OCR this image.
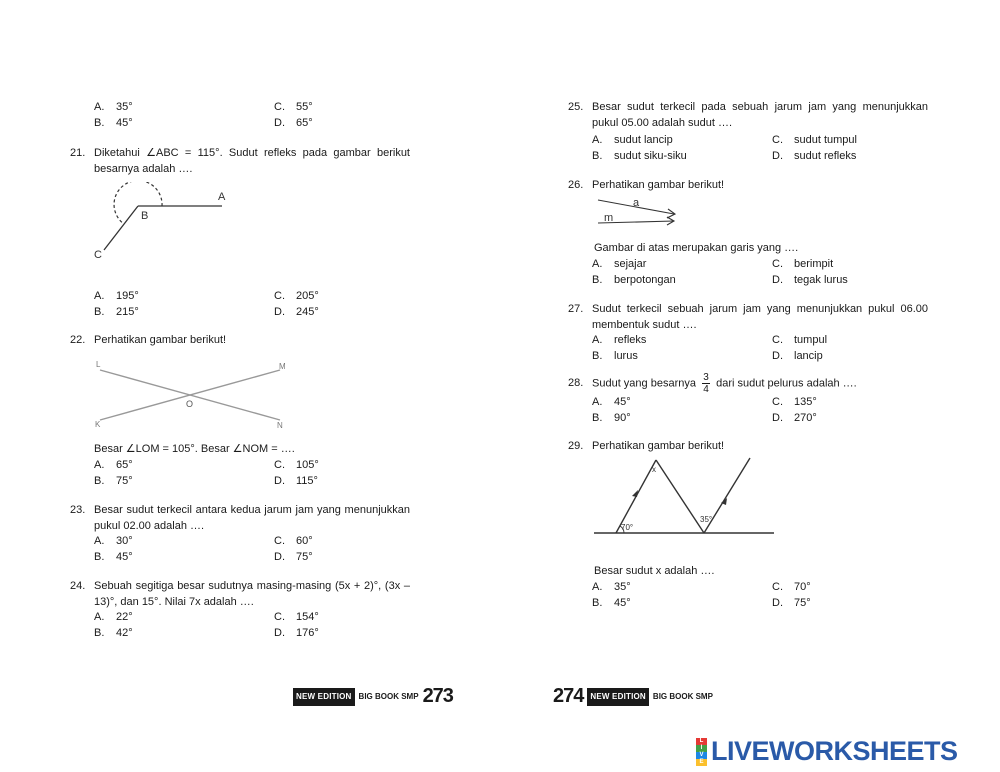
A.	35°	C.	55°
B.	45°	D.	65°
21. Diketahui ∠ABC = 115°. Sudut refleks pada gambar berikut besarnya adalah ….
A
B
C
A.	195°	C.	205°
B.	215°	D.	245°
22. Perhatikan gambar berikut!
L	M
K	N
O
Besar ∠LOM = 105°. Besar ∠NOM = ….
A.	65°	C.	105°
B.	75°	D.	115°
23. Besar sudut terkecil antara kedua jarum jam yang menunjukkan pukul 02.00 adalah ….
A.	30°	C.	60°
B.	45°	D.	75°
24. Sebuah segitiga besar sudutnya masing-masing (5x + 2)°, (3x – 13)°, dan 15°. Nilai 7x adalah ….
A.	22°	C.	154°
B.	42°	D.	176°
NEW EDITION BIG BOOK SMP 273
25. Besar sudut terkecil pada sebuah jarum jam yang menunjukkan pukul 05.00 adalah sudut ….
A.	sudut lancip	C.	sudut tumpul
B.	sudut siku-siku	D.	sudut refleks
26. Perhatikan gambar berikut!
a
m
Gambar di atas merupakan garis yang ….
A.	sejajar	C.	berimpit
B.	berpotongan	D.	tegak lurus
27. Sudut terkecil sebuah jarum jam yang menunjukkan pukul 06.00 membentuk sudut ….
A.	refleks	C.	tumpul
B.	lurus	D.	lancip
28. Sudut yang besarnya $\frac{3}{4}$ dari sudut pelurus adalah ….
A.	45°	C.	135°
B.	90°	D.	270°
29. Perhatikan gambar berikut!
x
70°
35°
Besar sudut x adalah ….
A.	35°	C.	70°
B.	45°	D.	75°
274 NEW EDITION BIG BOOK SMP
L
I
V
E LIVEWORKSHEETS
